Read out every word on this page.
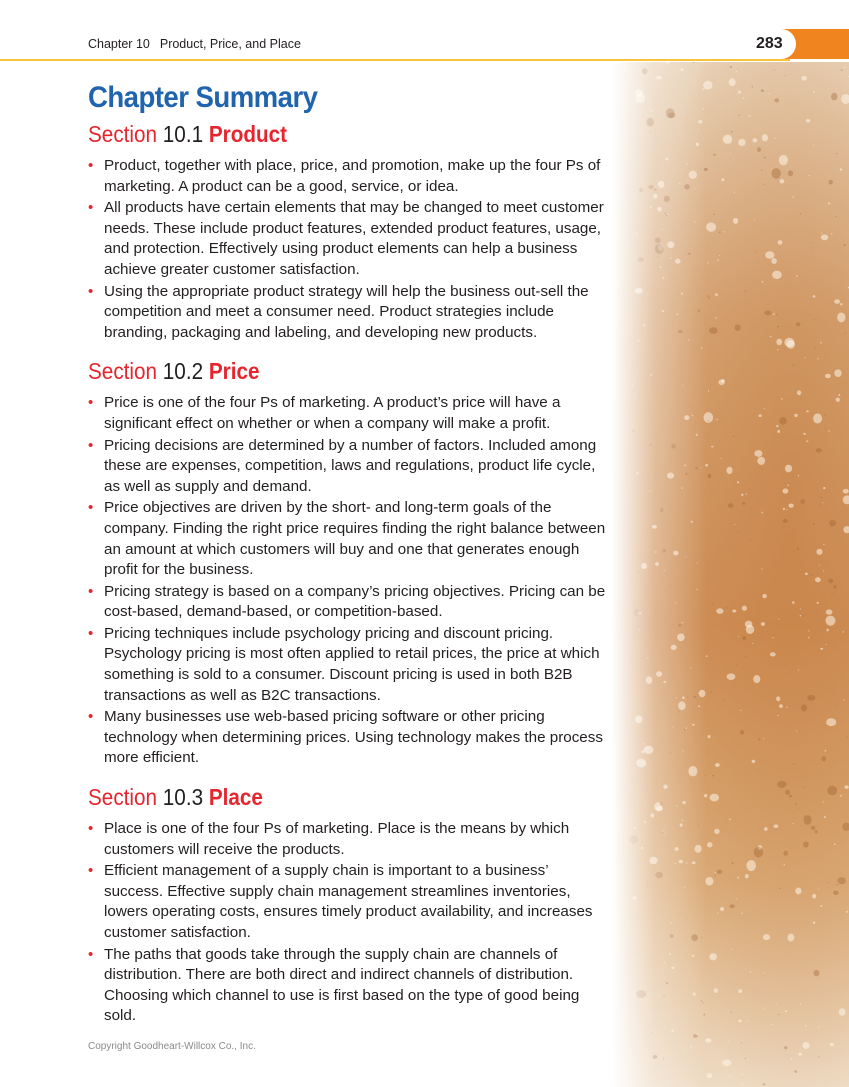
Chapter 10 Product, Price, and Place	283
Chapter Summary
Section 10.1 Product
• Product, together with place, price, and promotion, make up the four Ps of marketing. A product can be a good, service, or idea.
• All products have certain elements that may be changed to meet customer needs. These include product features, extended product features, usage, and protection. Effectively using product elements can help a business achieve greater customer satisfaction.
• Using the appropriate product strategy will help the business out-sell the competition and meet a consumer need. Product strategies include branding, packaging and labeling, and developing new products.
Section 10.2 Price
• Price is one of the four Ps of marketing. A product’s price will have a significant effect on whether or when a company will make a profit.
• Pricing decisions are determined by a number of factors. Included among these are expenses, competition, laws and regulations, product life cycle, as well as supply and demand.
• Price objectives are driven by the short- and long-term goals of the company. Finding the right price requires finding the right balance between an amount at which customers will buy and one that generates enough profit for the business.
• Pricing strategy is based on a company’s pricing objectives. Pricing can be cost-based, demand-based, or competition-based.
• Pricing techniques include psychology pricing and discount pricing. Psychology pricing is most often applied to retail prices, the price at which something is sold to a consumer. Discount pricing is used in both B2B transactions as well as B2C transactions.
• Many businesses use web-based pricing software or other pricing technology when determining prices. Using technology makes the process more efficient.
Section 10.3 Place
• Place is one of the four Ps of marketing. Place is the means by which customers will receive the products.
• Efficient management of a supply chain is important to a business’ success. Effective supply chain management streamlines inventories, lowers operating costs, ensures timely product availability, and increases customer satisfaction.
• The paths that goods take through the supply chain are channels of distribution. There are both direct and indirect channels of distribution. Choosing which channel to use is first based on the type of good being sold.
Copyright Goodheart-Willcox Co., Inc.
